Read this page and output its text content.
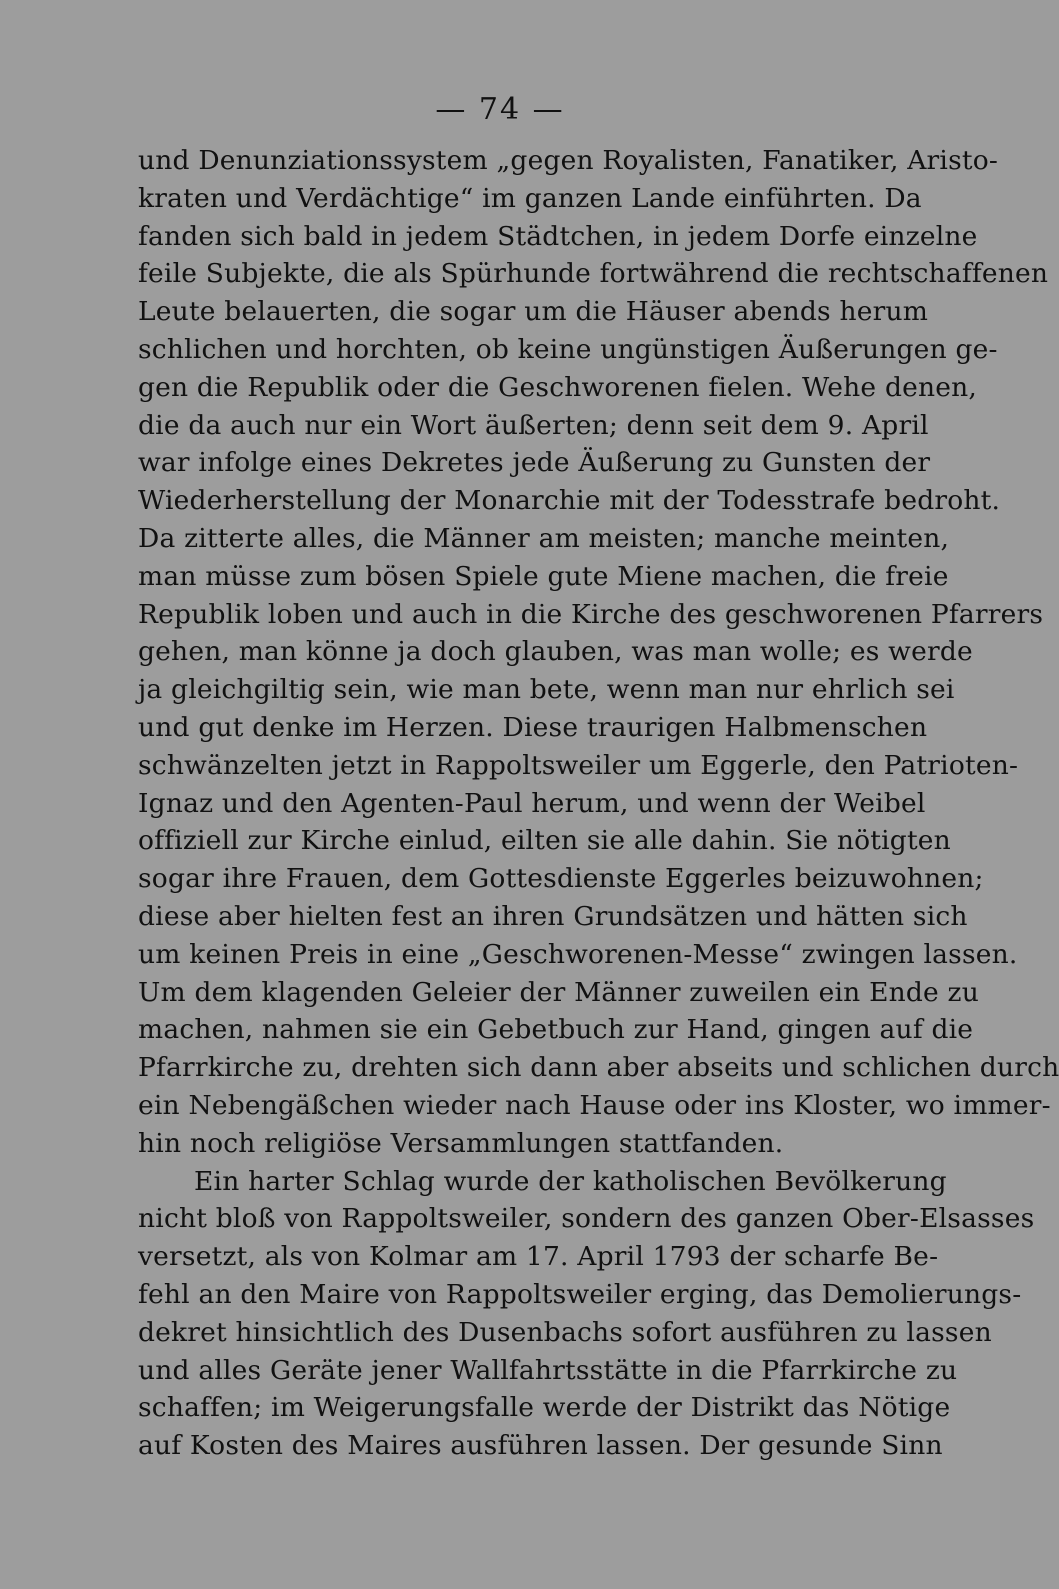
— 74 —
und Denunziationssystem „gegen Royalisten, Fanatiker, Aristo-
kraten und Verdächtige“ im ganzen Lande einführten. Da
fanden sich bald in jedem Städtchen, in jedem Dorfe einzelne
feile Subjekte, die als Spürhunde fortwährend die rechtschaffenen
Leute belauerten, die sogar um die Häuser abends herum
schlichen und horchten, ob keine ungünstigen Äußerungen ge-
gen die Republik oder die Geschworenen fielen. Wehe denen,
die da auch nur ein Wort äußerten; denn seit dem 9. April
war infolge eines Dekretes jede Äußerung zu Gunsten der
Wiederherstellung der Monarchie mit der Todesstrafe bedroht.
Da zitterte alles, die Männer am meisten; manche meinten,
man müsse zum bösen Spiele gute Miene machen, die freie
Republik loben und auch in die Kirche des geschworenen Pfarrers
gehen, man könne ja doch glauben, was man wolle; es werde
ja gleichgiltig sein, wie man bete, wenn man nur ehrlich sei
und gut denke im Herzen. Diese traurigen Halbmenschen
schwänzelten jetzt in Rappoltsweiler um Eggerle, den Patrioten-
Ignaz und den Agenten-Paul herum, und wenn der Weibel
offiziell zur Kirche einlud, eilten sie alle dahin. Sie nötigten
sogar ihre Frauen, dem Gottesdienste Eggerles beizuwohnen;
diese aber hielten fest an ihren Grundsätzen und hätten sich
um keinen Preis in eine „Geschworenen-Messe“ zwingen lassen.
Um dem klagenden Geleier der Männer zuweilen ein Ende zu
machen, nahmen sie ein Gebetbuch zur Hand, gingen auf die
Pfarrkirche zu, drehten sich dann aber abseits und schlichen durch
ein Nebengäßchen wieder nach Hause oder ins Kloster, wo immer-
hin noch religiöse Versammlungen stattfanden.
Ein harter Schlag wurde der katholischen Bevölkerung
nicht bloß von Rappoltsweiler, sondern des ganzen Ober-Elsasses
versetzt, als von Kolmar am 17. April 1793 der scharfe Be-
fehl an den Maire von Rappoltsweiler erging, das Demolierungs-
dekret hinsichtlich des Dusenbachs sofort ausführen zu lassen
und alles Geräte jener Wallfahrtsstätte in die Pfarrkirche zu
schaffen; im Weigerungsfalle werde der Distrikt das Nötige
auf Kosten des Maires ausführen lassen. Der gesunde Sinn
